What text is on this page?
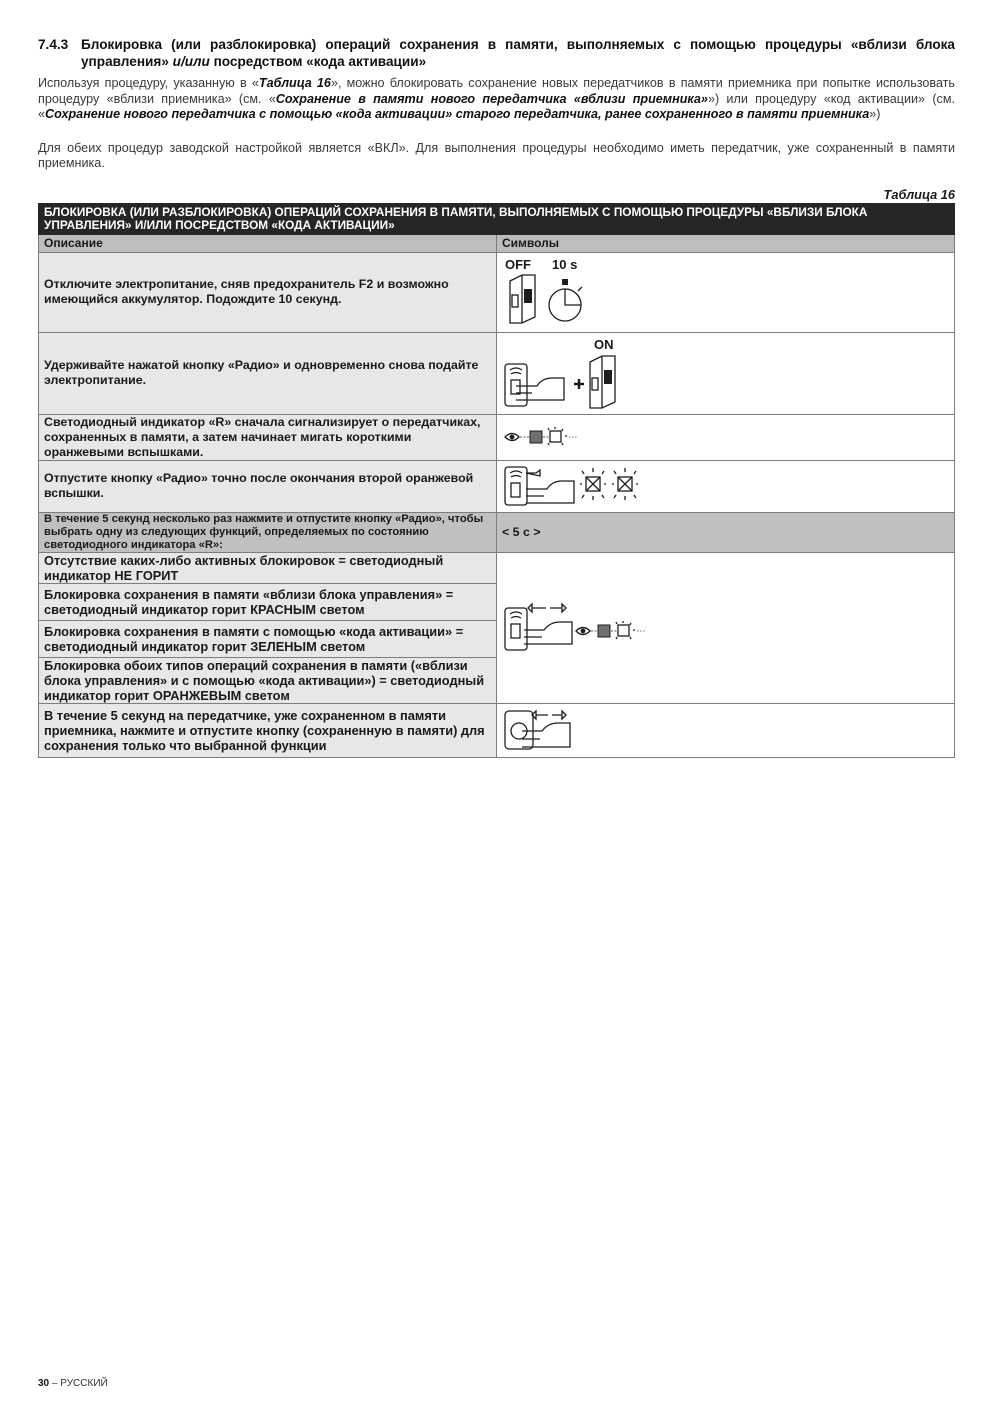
7.4.3 Блокировка (или разблокировка) операций сохранения в памяти, выполняемых с помощью процедуры «вблизи блока управления» и/или посредством «кода активации»
Используя процедуру, указанную в «Таблица 16», можно блокировать сохранение новых передатчиков в памяти приемника при попытке использовать процедуру «вблизи приемника» (см. «Сохранение в памяти нового передатчика «вблизи приемника»») или процедуру «код активации» (см. «Сохранение нового передатчика с помощью «кода активации» старого передатчика, ранее сохраненного в памяти приемника»)
Для обеих процедур заводской настройкой является «ВКЛ». Для выполнения процедуры необходимо иметь передатчик, уже сохраненный в памяти приемника.
Таблица 16
БЛОКИРОВКА (ИЛИ РАЗБЛОКИРОВКА) ОПЕРАЦИЙ СОХРАНЕНИЯ В ПАМЯТИ, ВЫПОЛНЯЕМЫХ С ПОМОЩЬЮ ПРОЦЕДУРЫ «ВБЛИЗИ БЛОКА УПРАВЛЕНИЯ» И/ИЛИ ПОСРЕДСТВОМ «КОДА АКТИВАЦИИ»	
Описание	Символы
Отключите электропитание, сняв предохранитель F2 и возможно имеющийся аккумулятор. Подождите 10 секунд.	OFF 10 s

Удерживайте нажатой кнопку «Радио» и одновременно снова подайте электропитание.	ON

Светодиодный индикатор «R» сначала сигнализирует о передатчиках, сохраненных в памяти, а затем начинает мигать короткими оранжевыми вспышками.	

Отпустите кнопку «Радио» точно после окончания второй оранжевой вспышки.	

В течение 5 секунд несколько раз нажмите и отпустите кнопку «Радио», чтобы выбрать одну из следующих функций, определяемых по состоянию светодиодного индикатора «R»:	< 5 с >
Отсутствие каких-либо активных блокировок = светодиодный индикатор НЕ ГОРИТ	

Блокировка сохранения в памяти «вблизи блока управления» = светодиодный индикатор горит КРАСНЫМ светом	
Блокировка сохранения в памяти с помощью «кода активации» = светодиодный индикатор горит ЗЕЛЕНЫМ светом	
Блокировка обоих типов операций сохранения в памяти («вблизи блока управления» и с помощью «кода активации») = светодиодный индикатор горит ОРАНЖЕВЫМ светом	
В течение 5 секунд на передатчике, уже сохраненном в памяти приемника, нажмите и отпустите кнопку (сохраненную в памяти) для сохранения только что выбранной функции	
30 – РУССКИЙ
